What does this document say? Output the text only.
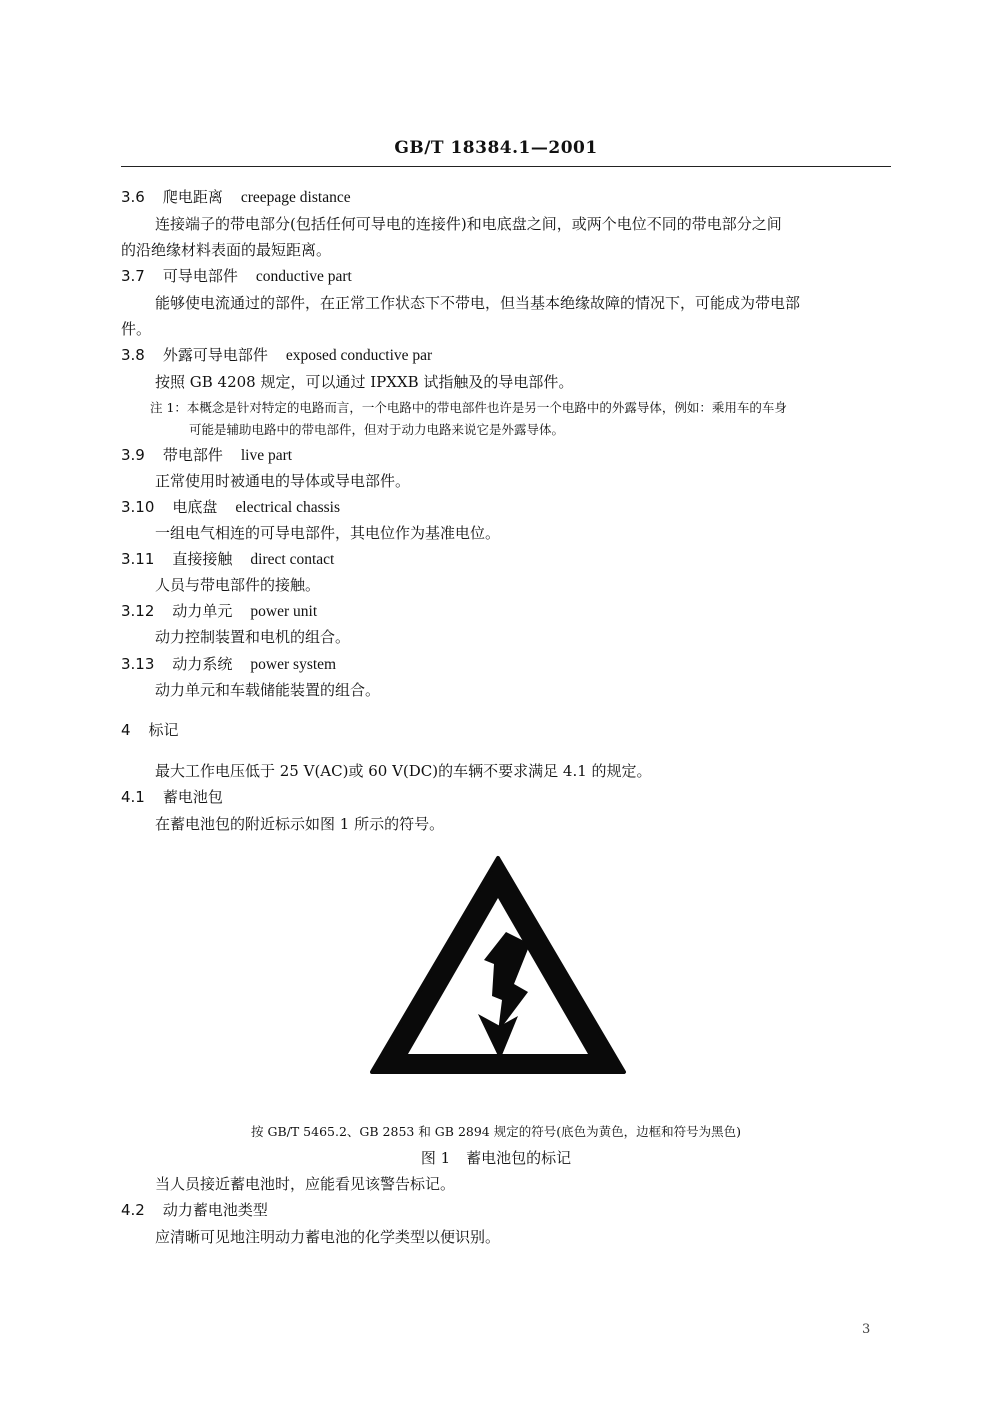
GB/T 18384.1—2001
3.6 爬电距离 creepage distance
连接端子的带电部分(包括任何可导电的连接件)和电底盘之间，或两个电位不同的带电部分之间
的沿绝缘材料表面的最短距离。
3.7 可导电部件 conductive part
能够使电流通过的部件，在正常工作状态下不带电，但当基本绝缘故障的情况下，可能成为带电部
件。
3.8 外露可导电部件 exposed conductive par
按照 GB 4208 规定，可以通过 IPXXB 试指触及的导电部件。
注 1：本概念是针对特定的电路而言，一个电路中的带电部件也许是另一个电路中的外露导体，例如：乘用车的车身
可能是辅助电路中的带电部件，但对于动力电路来说它是外露导体。
3.9 带电部件 live part
正常使用时被通电的导体或导电部件。
3.10 电底盘 electrical chassis
一组电气相连的可导电部件，其电位作为基准电位。
3.11 直接接触 direct contact
人员与带电部件的接触。
3.12 动力单元 power unit
动力控制装置和电机的组合。
3.13 动力系统 power system
动力单元和车载储能装置的组合。
4 标记
最大工作电压低于 25 V(AC)或 60 V(DC)的车辆不要求满足 4.1 的规定。
4.1 蓄电池包
在蓄电池包的附近标示如图 1 所示的符号。
按 GB/T 5465.2、GB 2853 和 GB 2894 规定的符号(底色为黄色，边框和符号为黑色)
图 1 蓄电池包的标记
当人员接近蓄电池时，应能看见该警告标记。
4.2 动力蓄电池类型
应清晰可见地注明动力蓄电池的化学类型以便识别。
3
